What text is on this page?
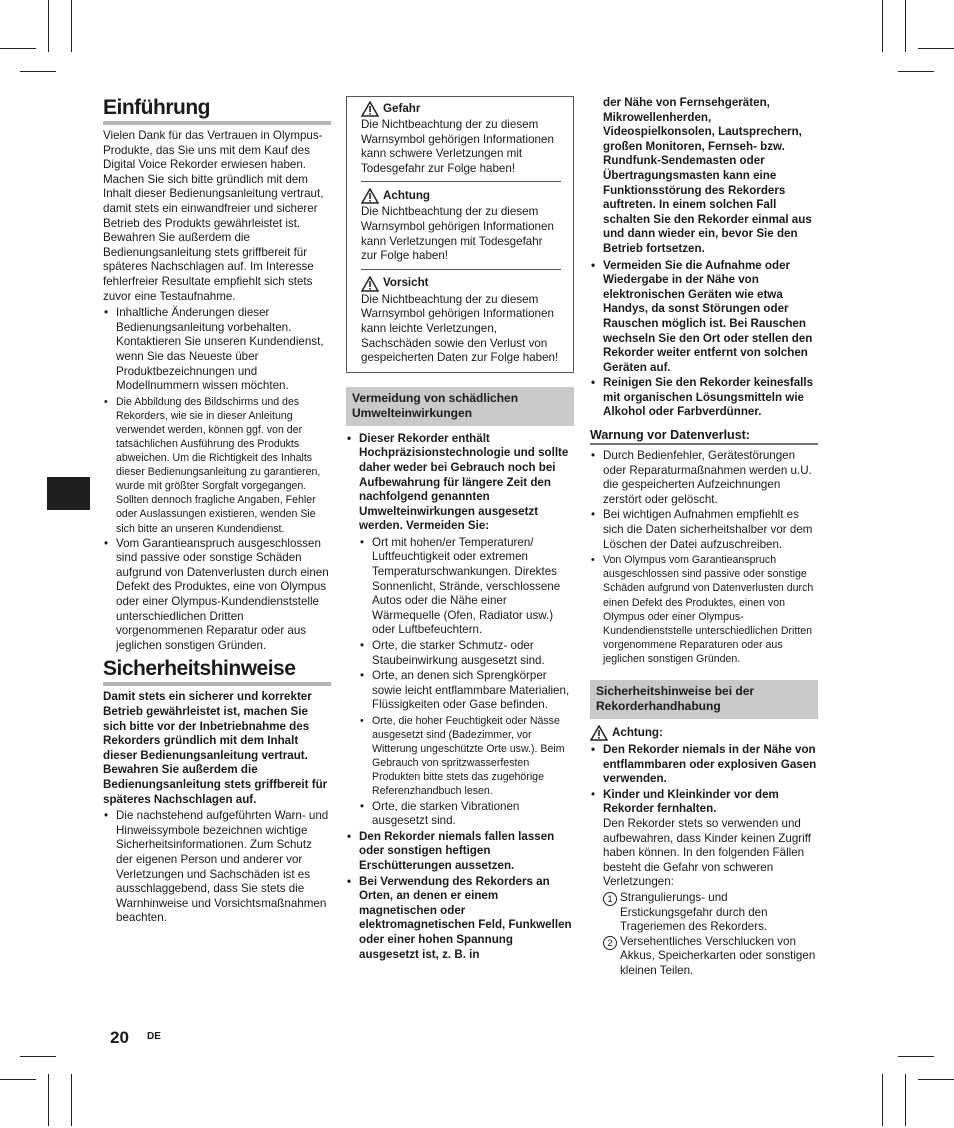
Einführung

Vielen Dank für das Vertrauen in Olympus-Produkte, das Sie uns mit dem Kauf des Digital Voice Rekorder erwiesen haben. Machen Sie sich bitte gründlich mit dem Inhalt dieser Bedienungsanleitung vertraut, damit stets ein einwandfreier und sicherer Betrieb des Produkts gewährleistet ist. Bewahren Sie außerdem die Bedienungsanleitung stets griffbereit für späteres Nachschlagen auf. Im Interesse fehlerfreier Resultate empfiehlt sich stets zuvor eine Testaufnahme.

• Inhaltliche Änderungen dieser Bedienungsanleitung vorbehalten. Kontaktieren Sie unseren Kundendienst, wenn Sie das Neueste über Produktbezeichnungen und Modellnummern wissen möchten.
• Die Abbildung des Bildschirms und des Rekorders, wie sie in dieser Anleitung verwendet werden, können ggf. von der tatsächlichen Ausführung des Produkts abweichen. Um die Richtigkeit des Inhalts dieser Bedienungsanleitung zu garantieren, wurde mit größter Sorgfalt vorgegangen. Sollten dennoch fragliche Angaben, Fehler oder Auslassungen existieren, wenden Sie sich bitte an unseren Kundendienst.
• Vom Garantieanspruch ausgeschlossen sind passive oder sonstige Schäden aufgrund von Datenverlusten durch einen Defekt des Produktes, eine von Olympus oder einer Olympus-Kundendienststelle unterschiedlichen Dritten vorgenommenen Reparatur oder aus jeglichen sonstigen Gründen.
Sicherheitshinweise

Damit stets ein sicherer und korrekter Betrieb gewährleistet ist, machen Sie sich bitte vor der Inbetriebnahme des Rekorders gründlich mit dem Inhalt dieser Bedienungsanleitung vertraut. Bewahren Sie außerdem die Bedienungsanleitung stets griffbereit für späteres Nachschlagen auf.

• Die nachstehend aufgeführten Warn- und Hinweissymbole bezeichnen wichtige Sicherheitsinformationen. Zum Schutz der eigenen Person und anderer vor Verletzungen und Sachschäden ist es ausschlaggebend, dass Sie stets die Warnhinweise und Vorsichtsmaßnahmen beachten.
Gefahr

Die Nichtbeachtung der zu diesem Warnsymbol gehörigen Informationen kann schwere Verletzungen mit Todesgefahr zur Folge haben!

Achtung

Die Nichtbeachtung der zu diesem Warnsymbol gehörigen Informationen kann Verletzungen mit Todesgefahr zur Folge haben!

Vorsicht

Die Nichtbeachtung der zu diesem Warnsymbol gehörigen Informationen kann leichte Verletzungen, Sachschäden sowie den Verlust von gespeicherten Daten zur Folge haben!

Vermeidung von schädlichen Umwelteinwirkungen
• Dieser Rekorder enthält Hochpräzisionstechnologie und sollte daher weder bei Gebrauch noch bei Aufbewahrung für längere Zeit den nachfolgend genannten Umwelteinwirkungen ausgesetzt werden. Vermeiden Sie:
• Ort mit hohen/er Temperaturen/ Luftfeuchtigkeit oder extremen Temperaturschwankungen. Direktes Sonnenlicht, Strände, verschlossene Autos oder die Nähe einer Wärmequelle (Ofen, Radiator usw.) oder Luftbefeuchtern.
• Orte, die starker Schmutz- oder Staubeinwirkung ausgesetzt sind.
• Orte, an denen sich Sprengkörper sowie leicht entflammbare Materialien, Flüssigkeiten oder Gase befinden.
• Orte, die hoher Feuchtigkeit oder Nässe ausgesetzt sind (Badezimmer, vor Witterung ungeschützte Orte usw.). Beim Gebrauch von spritzwasserfesten Produkten bitte stets das zugehörige Referenzhandbuch lesen.
• Orte, die starken Vibrationen ausgesetzt sind.
• Den Rekorder niemals fallen lassen oder sonstigen heftigen Erschütterungen aussetzen.
• Bei Verwendung des Rekorders an Orten, an denen er einem magnetischen oder elektromagnetischen Feld, Funkwellen oder einer hohen Spannung ausgesetzt ist, z. B. in

der Nähe von Fernsehgeräten, Mikrowellenherden, Videospielkonsolen, Lautsprechern, großen Monitoren, Fernseh- bzw. Rundfunk-Sendemasten oder Übertragungsmasten kann eine Funktionsstörung des Rekorders auftreten. In einem solchen Fall schalten Sie den Rekorder einmal aus und dann wieder ein, bevor Sie den Betrieb fortsetzen.

• Vermeiden Sie die Aufnahme oder Wiedergabe in der Nähe von elektronischen Geräten wie etwa Handys, da sonst Störungen oder Rauschen möglich ist. Bei Rauschen wechseln Sie den Ort oder stellen den Rekorder weiter entfernt von solchen Geräten auf.
• Reinigen Sie den Rekorder keinesfalls mit organischen Lösungsmitteln wie Alkohol oder Farbverdünner.
Warnung vor Datenverlust:
• Durch Bedienfehler, Gerätestörungen oder Reparaturmaßnahmen werden u.U. die gespeicherten Aufzeichnungen zerstört oder gelöscht.
• Bei wichtigen Aufnahmen empfiehlt es sich die Daten sicherheitshalber vor dem Löschen der Datei aufzuschreiben.
• Von Olympus vom Garantieanspruch ausgeschlossen sind passive oder sonstige Schäden aufgrund von Datenverlusten durch einen Defekt des Produktes, einen von Olympus oder einer Olympus- Kundendienststelle unterschiedlichen Dritten vorgenommene Reparaturen oder aus jeglichen sonstigen Gründen.
Sicherheitshinweise bei der Rekorderhandhabung
Achtung:
• Den Rekorder niemals in der Nähe von entflammbaren oder explosiven Gasen verwenden.
• Kinder und Kleinkinder vor dem Rekorder fernhalten.
Den Rekorder stets so verwenden und aufbewahren, dass Kinder keinen Zugriff haben können. In den folgenden Fällen besteht die Gefahr von schweren Verletzungen:
1 Strangulierungs- und Erstickungsgefahr durch den Trageriemen des Rekorders.
2 Versehentliches Verschlucken von Akkus, Speicherkarten oder sonstigen kleinen Teilen.
20 DE
